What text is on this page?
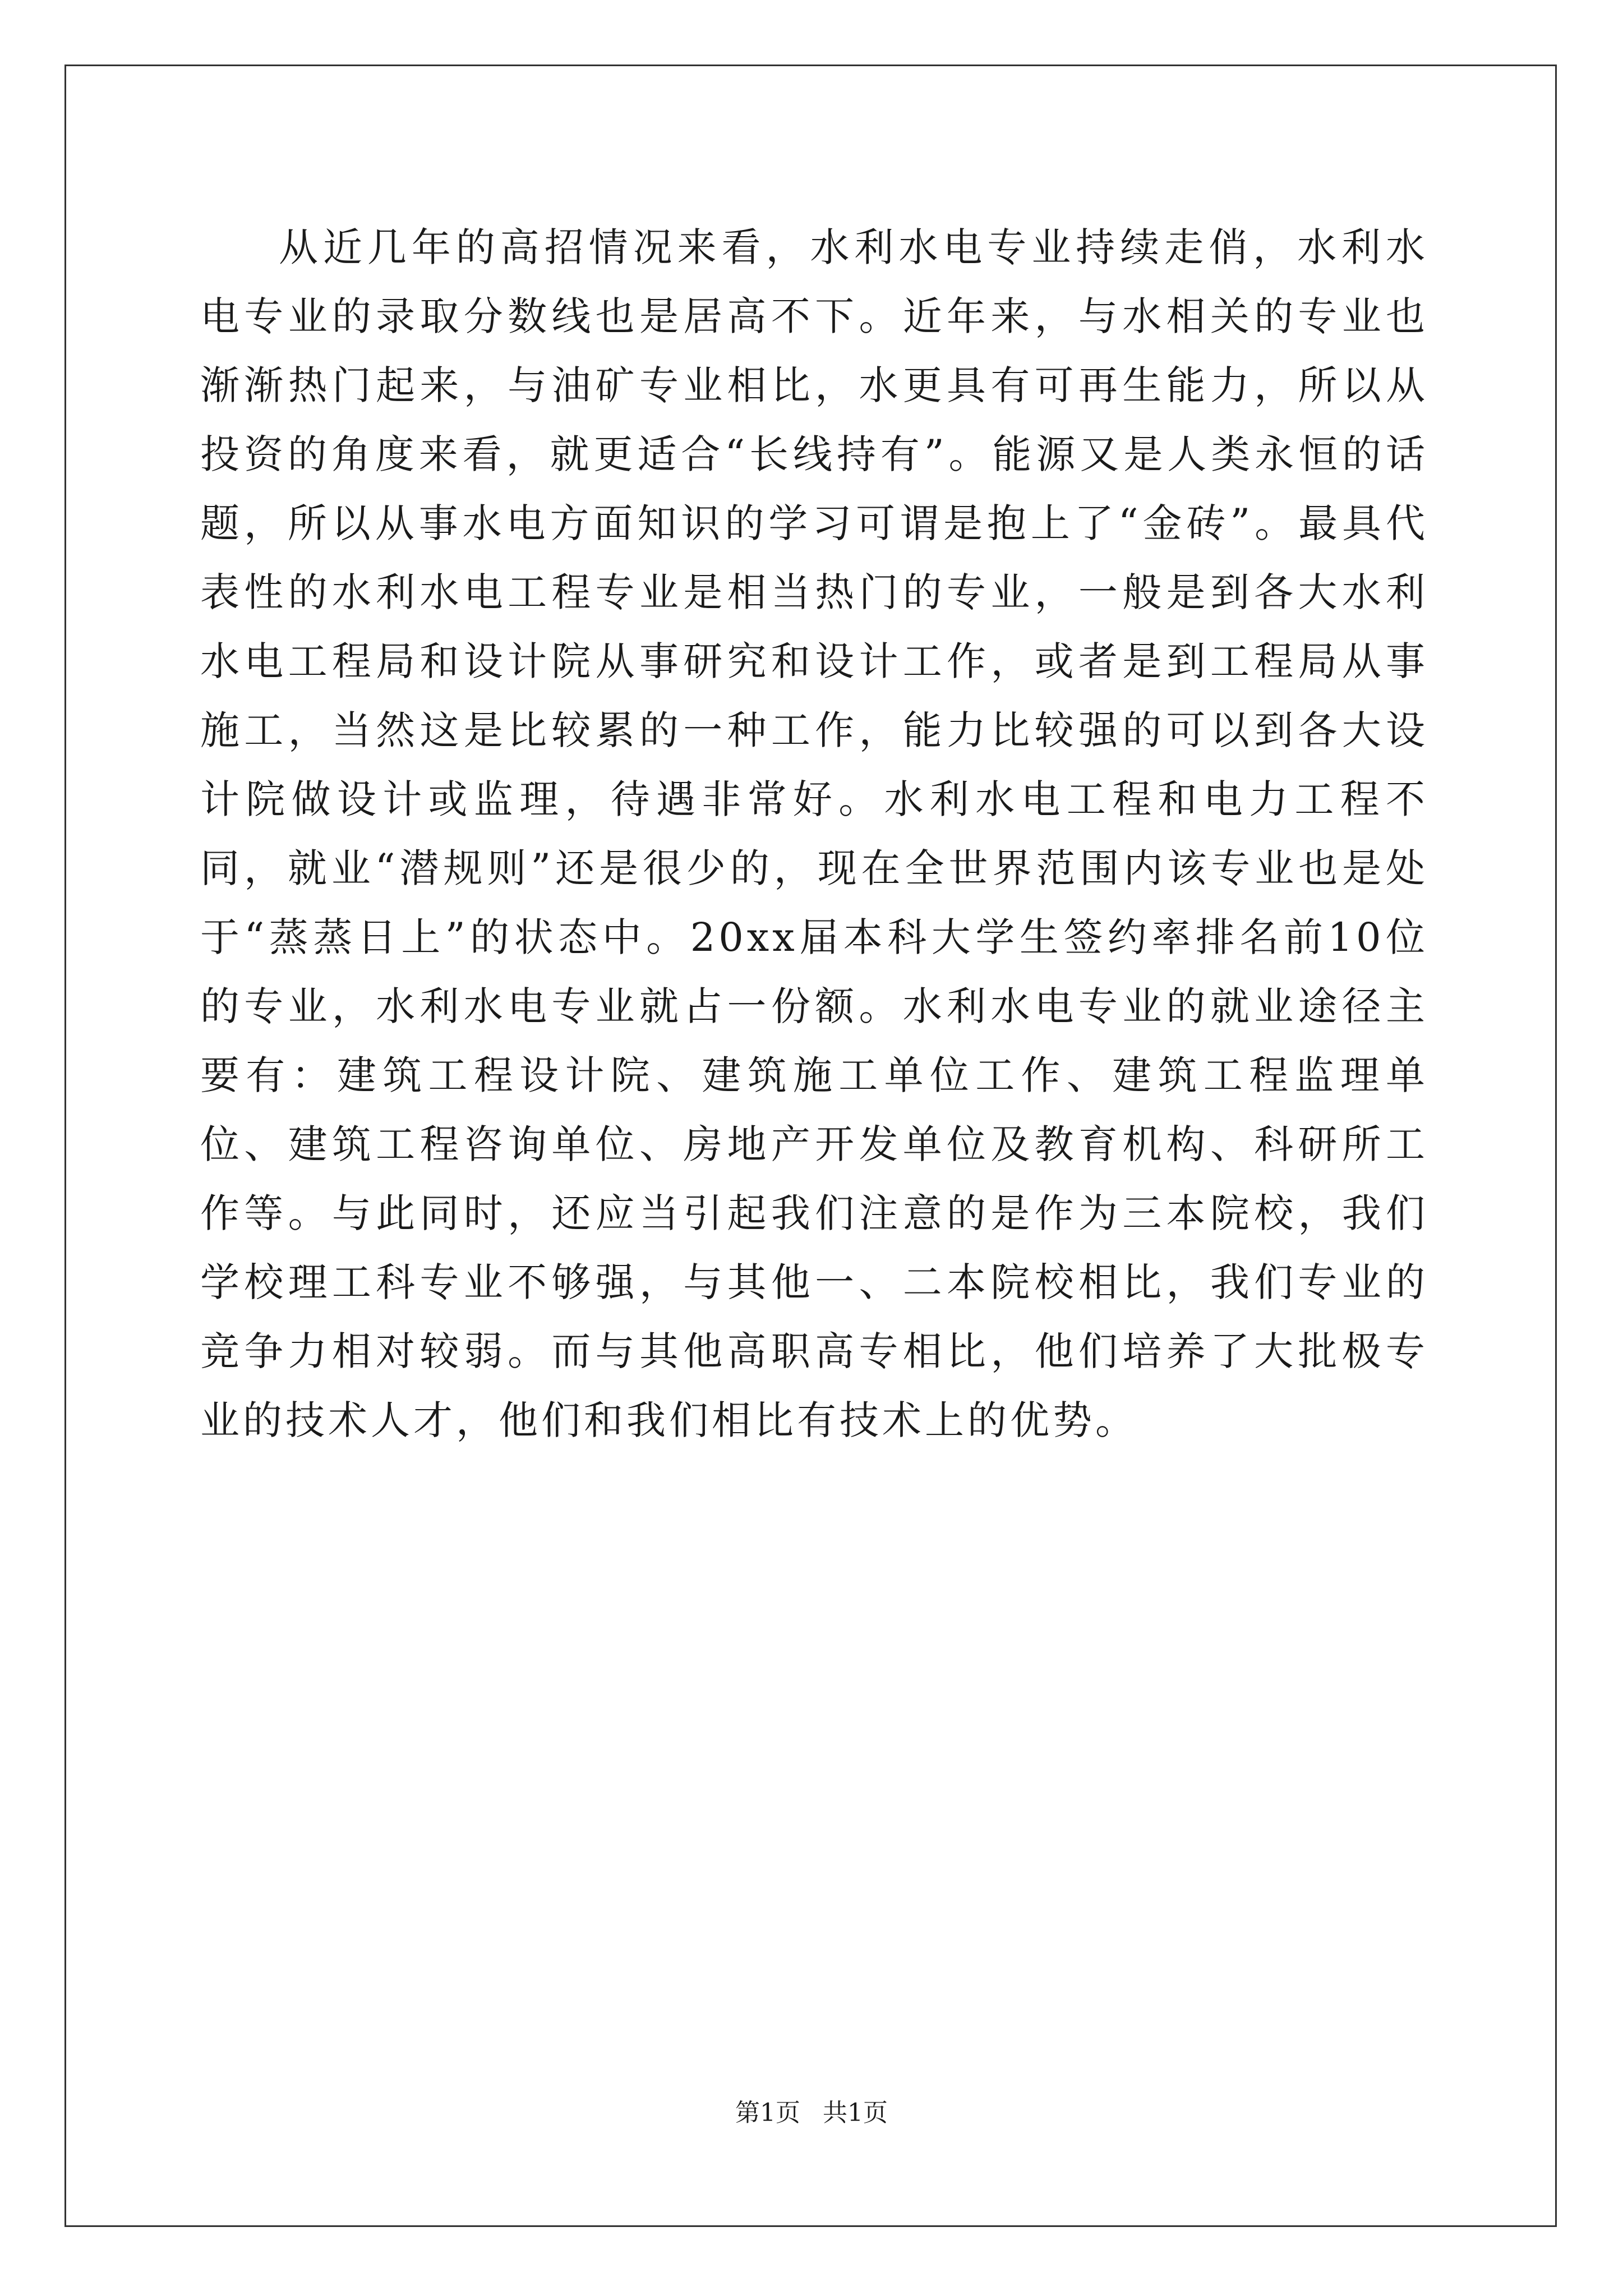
从近几年的高招情况来看，水利水电专业持续走俏，水利水电专业的录取分数线也是居高不下。近年来，与水相关的专业也渐渐热门起来，与油矿专业相比，水更具有可再生能力，所以从投资的角度来看，就更适合“长线持有”。能源又是人类永恒的话题，所以从事水电方面知识的学习可谓是抱上了“金砖”。最具代表性的水利水电工程专业是相当热门的专业，一般是到各大水利水电工程局和设计院从事研究和设计工作，或者是到工程局从事施工，当然这是比较累的一种工作，能力比较强的可以到各大设计院做设计或监理，待遇非常好。水利水电工程和电力工程不同，就业“潜规则”还是很少的，现在全世界范围内该专业也是处于“蒸蒸日上”的状态中。20xx届本科大学生签约率排名前10位的专业，水利水电专业就占一份额。水利水电专业的就业途径主要有：建筑工程设计院、建筑施工单位工作、建筑工程监理单位、建筑工程咨询单位、房地产开发单位及教育机构、科研所工作等。与此同时，还应当引起我们注意的是作为三本院校，我们学校理工科专业不够强，与其他一、二本院校相比，我们专业的竞争力相对较弱。而与其他高职高专相比，他们培养了大批极专业的技术人才，他们和我们相比有技术上的优势。

第1页 共1页
